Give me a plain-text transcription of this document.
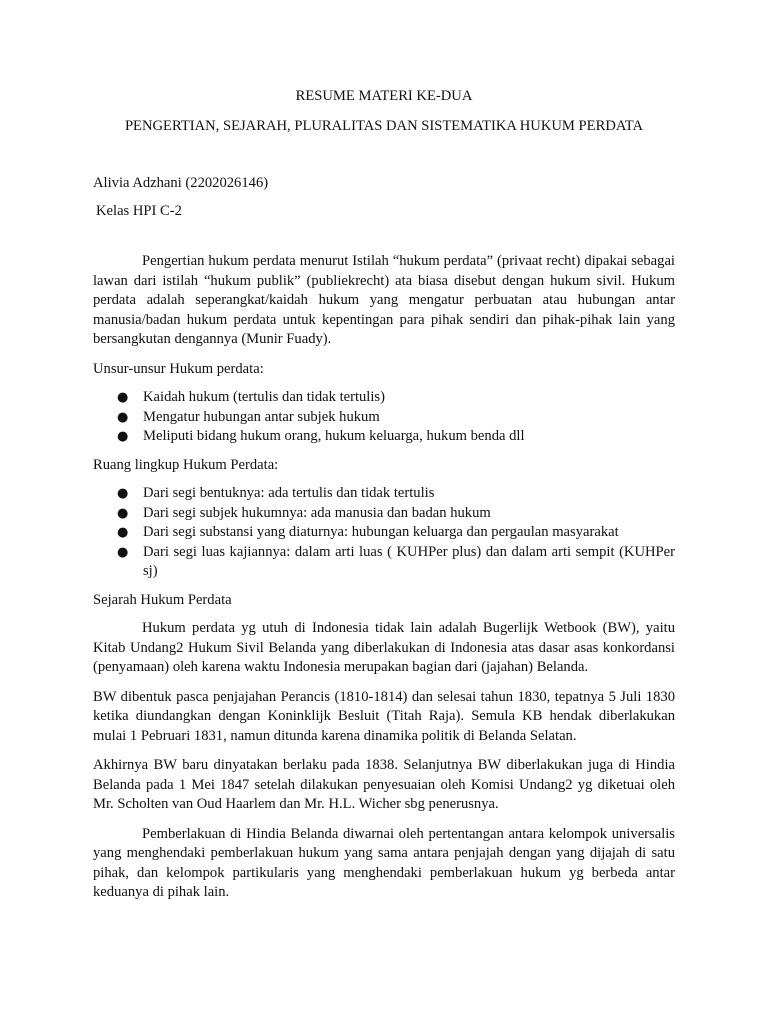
RESUME MATERI KE-DUA

PENGERTIAN, SEJARAH, PLURALITAS DAN SISTEMATIKA HUKUM PERDATA

Alivia Adzhani (2202026146)

Kelas HPI C-2

Pengertian hukum perdata menurut Istilah “hukum perdata” (privaat recht) dipakai sebagai lawan dari istilah “hukum publik” (publiekrecht) ata biasa disebut dengan hukum sivil. Hukum perdata adalah seperangkat/kaidah hukum yang mengatur perbuatan atau hubungan antar manusia/badan hukum perdata untuk kepentingan para pihak sendiri dan pihak-pihak lain yang bersangkutan dengannya (Munir Fuady).

Unsur-unsur Hukum perdata:

● Kaidah hukum (tertulis dan tidak tertulis)
● Mengatur hubungan antar subjek hukum
● Meliputi bidang hukum orang, hukum keluarga, hukum benda dll

Ruang lingkup Hukum Perdata:

● Dari segi bentuknya: ada tertulis dan tidak tertulis
● Dari segi subjek hukumnya: ada manusia dan badan hukum
● Dari segi substansi yang diaturnya: hubungan keluarga dan pergaulan masyarakat
● Dari segi luas kajiannya: dalam arti luas ( KUHPer plus) dan dalam arti sempit (KUHPer sj)

Sejarah Hukum Perdata

Hukum perdata yg utuh di Indonesia tidak lain adalah Bugerlijk Wetbook (BW), yaitu Kitab Undang2 Hukum Sivil Belanda yang diberlakukan di Indonesia atas dasar asas konkordansi (penyamaan) oleh karena waktu Indonesia merupakan bagian dari (jajahan) Belanda.

BW dibentuk pasca penjajahan Perancis (1810-1814) dan selesai tahun 1830, tepatnya 5 Juli 1830 ketika diundangkan dengan Koninklijk Besluit (Titah Raja). Semula KB hendak diberlakukan mulai 1 Pebruari 1831, namun ditunda karena dinamika politik di Belanda Selatan.

Akhirnya BW baru dinyatakan berlaku pada 1838. Selanjutnya BW diberlakukan juga di Hindia Belanda pada 1 Mei 1847 setelah dilakukan penyesuaian oleh Komisi Undang2 yg diketuai oleh Mr. Scholten van Oud Haarlem dan Mr. H.L. Wicher sbg penerusnya.

Pemberlakuan di Hindia Belanda diwarnai oleh pertentangan antara kelompok universalis yang menghendaki pemberlakuan hukum yang sama antara penjajah dengan yang dijajah di satu pihak, dan kelompok partikularis yang menghendaki pemberlakuan hukum yg berbeda antar keduanya di pihak lain.
